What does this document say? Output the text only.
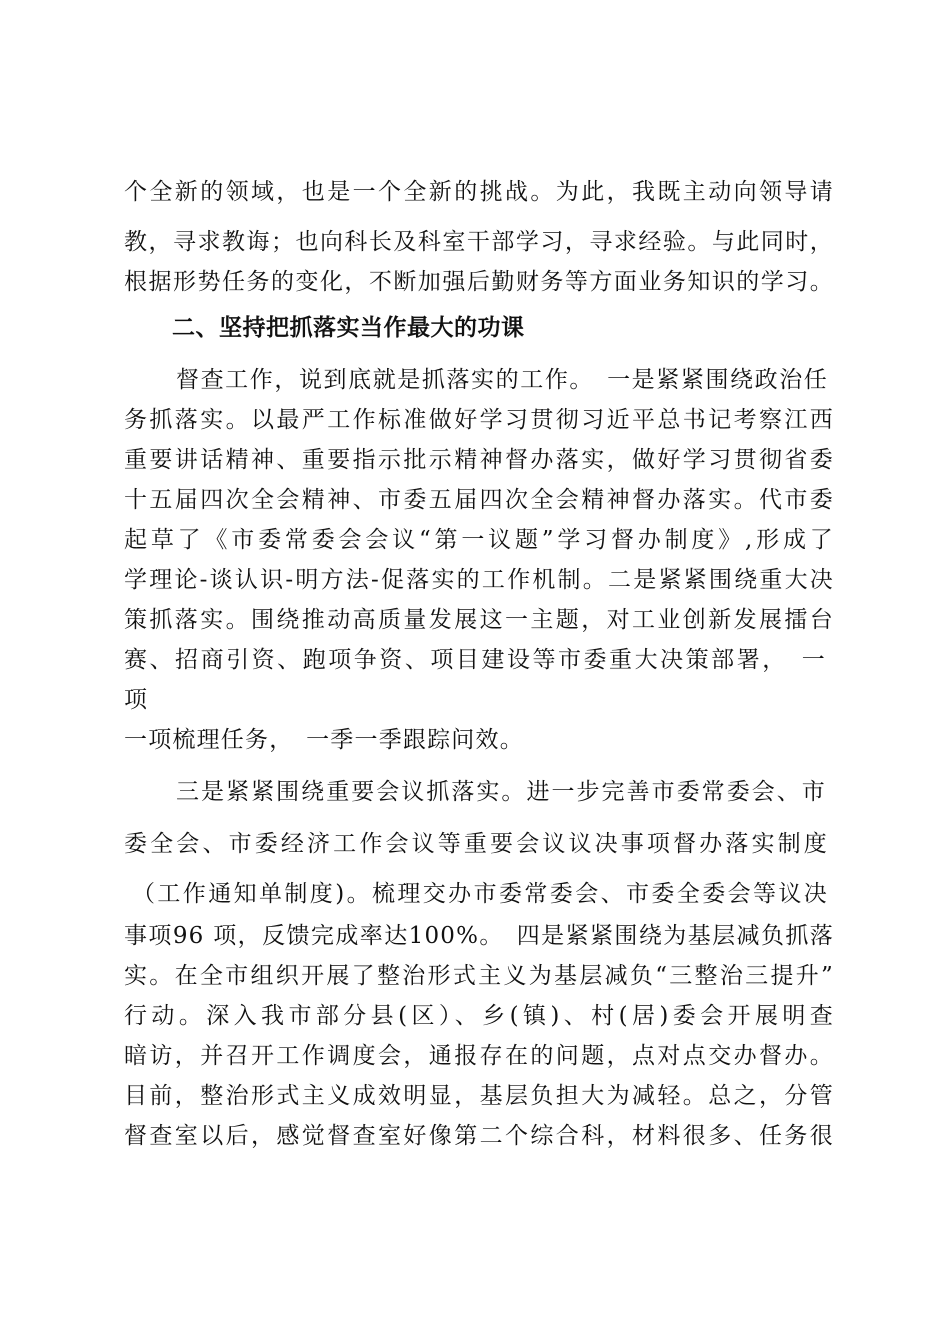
个全新的领域，也是一个全新的挑战。为此，我既主动向领导请
教，寻求教诲；也向科长及科室干部学习，寻求经验。与此同时，
根据形势任务的变化，不断加强后勤财务等方面业务知识的学习。
二、坚持把抓落实当作最大的功课
督查工作，说到底就是抓落实的工作。　一是紧紧围绕政治任
务抓落实。以最严工作标准做好学习贯彻习近平总书记考察江西
重要讲话精神、重要指示批示精神督办落实，做好学习贯彻省委
十五届四次全会精神、市委五届四次全会精神督办落实。代市委
起草了《市委常委会会议“第一议题”学习督办制度》,形成了
学理论-谈认识-明方法-促落实的工作机制。二是紧紧围绕重大决
策抓落实。围绕推动高质量发展这一主题，对工业创新发展擂台
赛、招商引资、跑项争资、项目建设等市委重大决策部署，　一
项
一项梳理任务，　一季一季跟踪问效。
三是紧紧围绕重要会议抓落实。进一步完善市委常委会、市
委全会、市委经济工作会议等重要会议议决事项督办落实制度
（工作通知单制度)。梳理交办市委常委会、市委全委会等议决
事项96 项，反馈完成率达100%。　四是紧紧围绕为基层减负抓落
实。在全市组织开展了整治形式主义为基层减负“三整治三提升”
行动。深入我市部分县(区）、乡(镇)、村(居)委会开展明查
暗访，并召开工作调度会，通报存在的问题，点对点交办督办。
目前，整治形式主义成效明显，基层负担大为减轻。总之，分管
督查室以后，感觉督查室好像第二个综合科，材料很多、任务很
